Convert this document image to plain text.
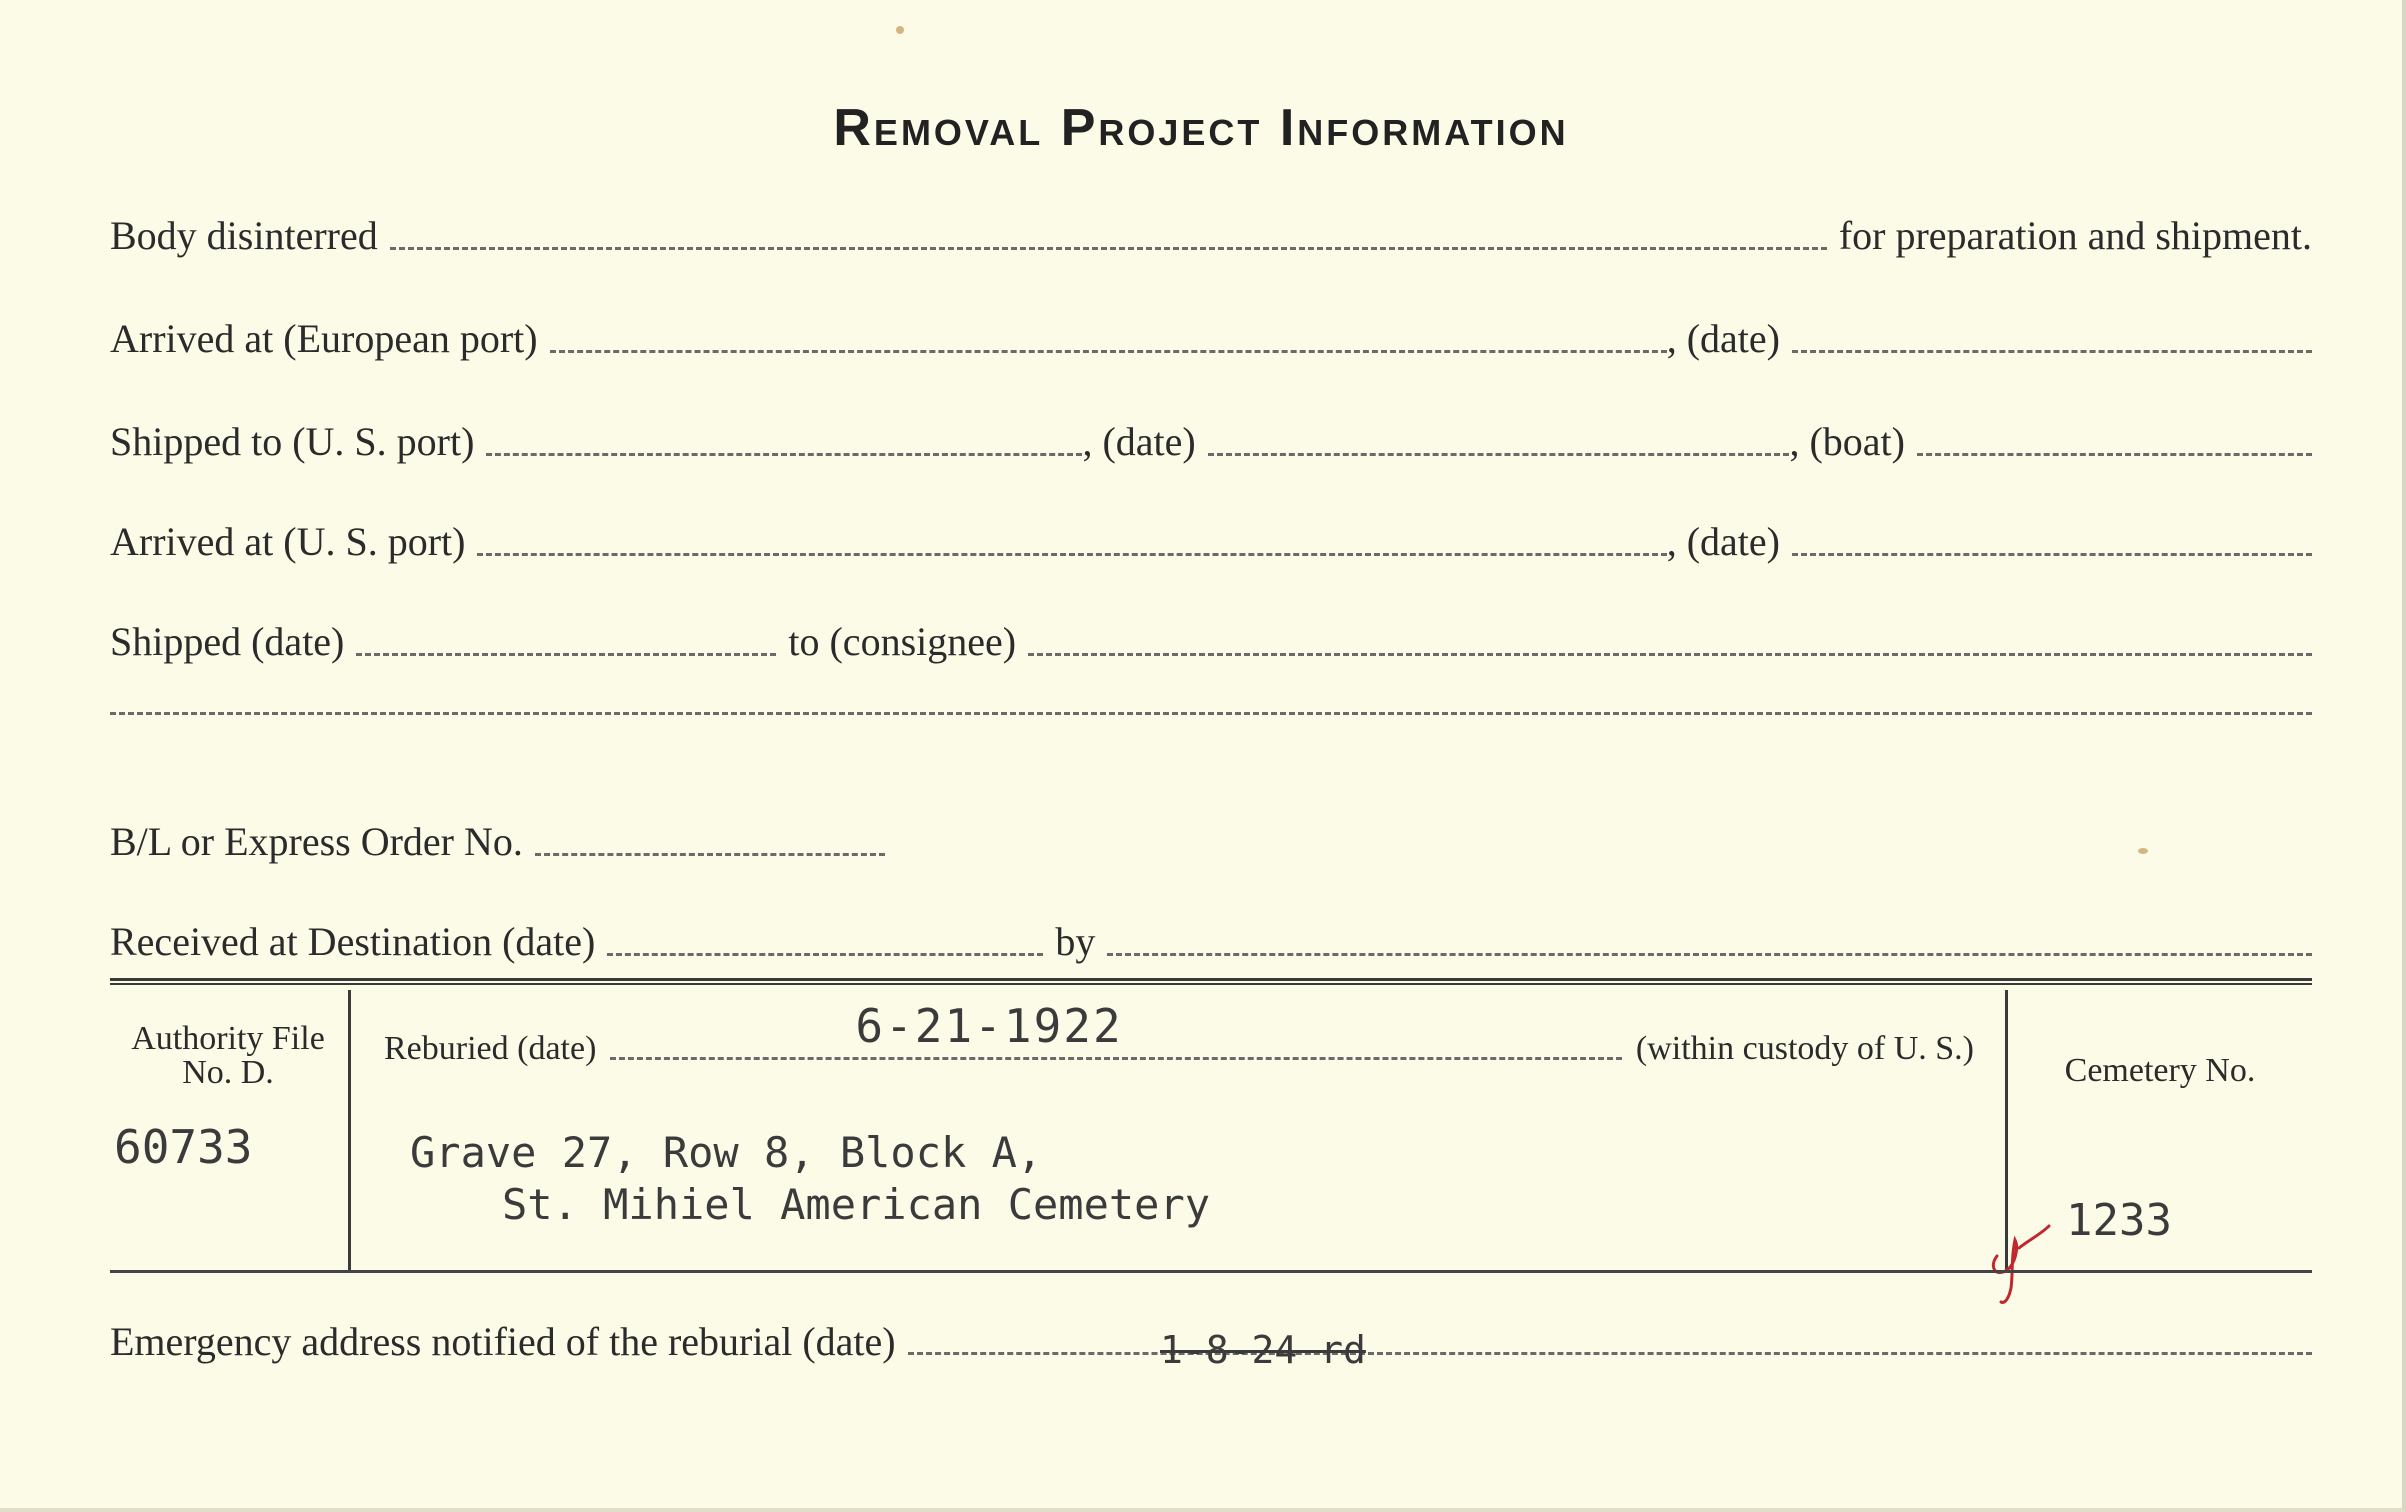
Removal Project Information
Body disinterred	for preparation and shipment.
Arrived at (European port)	, (date)
Shipped to (U. S. port)	, (date)	, (boat)
Arrived at (U. S. port)	, (date)
Shipped (date)	to (consignee)
B/L or Express Order No.
Received at Destination (date)	by
Authority File No. D.
60733
Reburied (date)	6-21-1922	(within custody of U. S.)
Grave 27, Row 8, Block A,
St. Mihiel American Cemetery
Cemetery No.
1233
Emergency address notified of the reburial (date)	1-8-24 rd
